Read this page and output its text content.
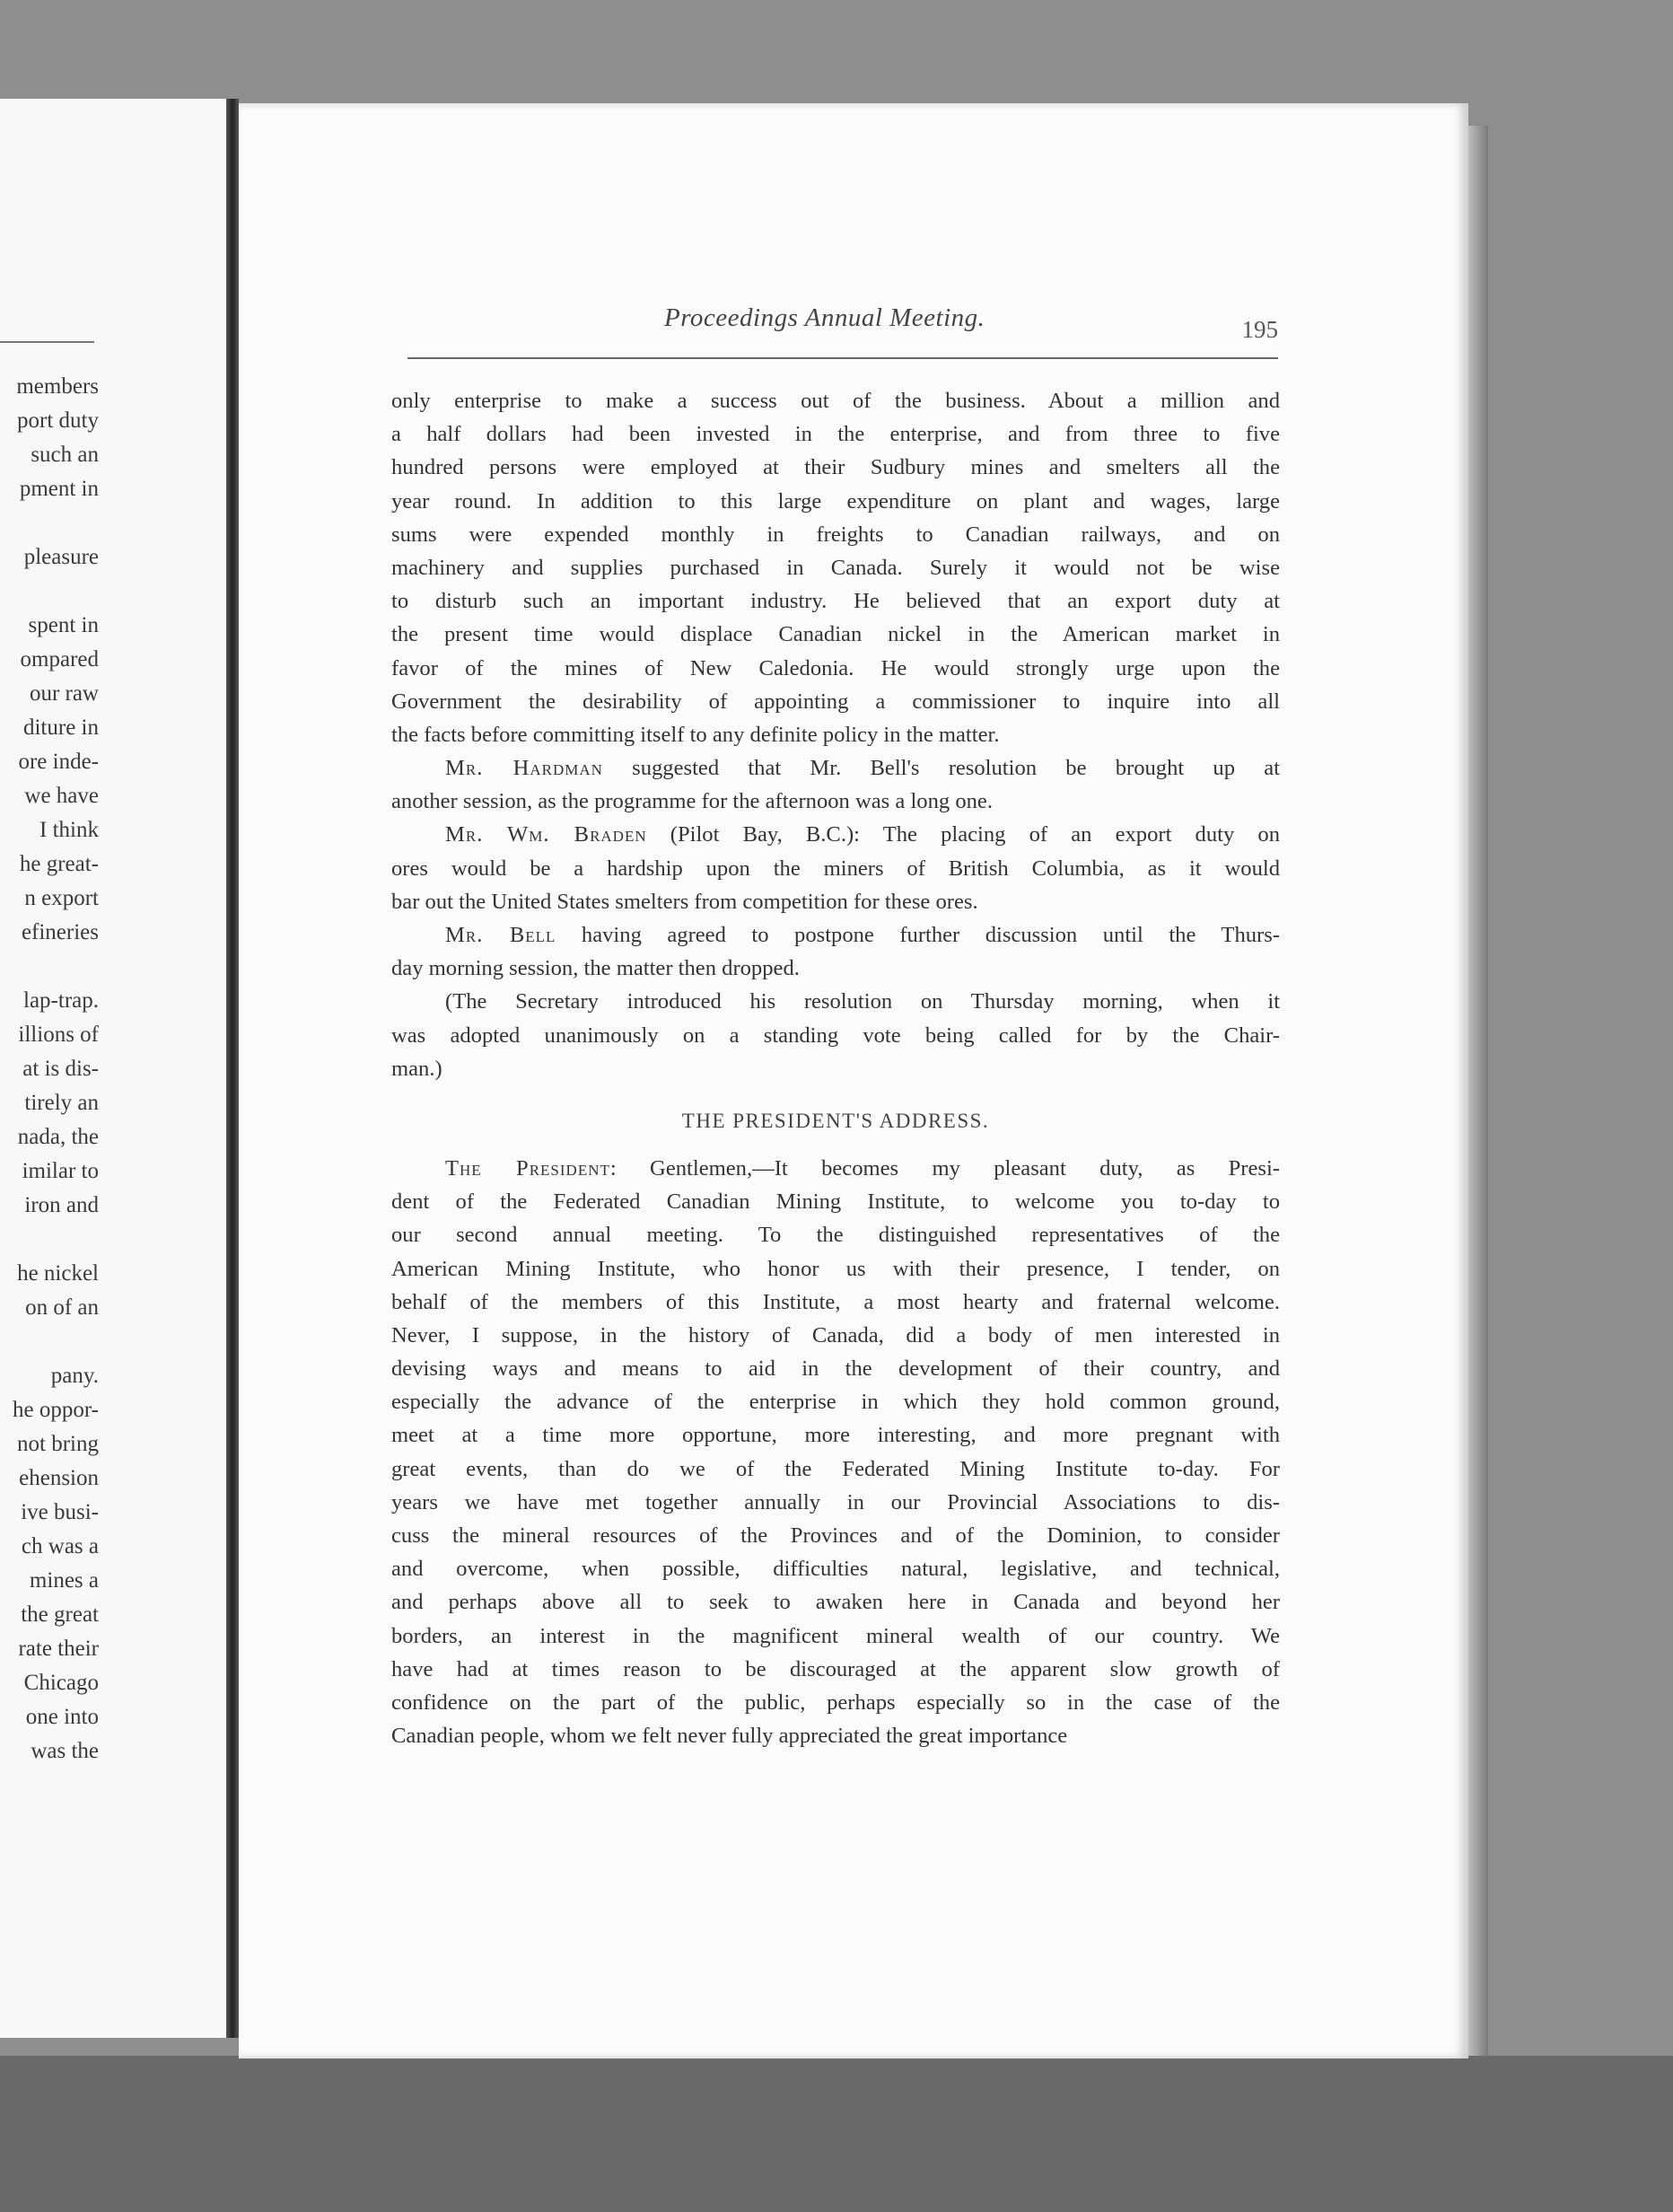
members
port duty
such an
pment in
pleasure
spent in
ompared
our raw
diture in
ore inde-
we have
I think
he great-
n export
efineries
lap-trap.
illions of
at is dis-
tirely an
nada, the
imilar to
iron and
he nickel
on of an
pany.
he oppor-
not bring
ehension
ive busi-
ch was a
mines a
the great
rate their
Chicago
one into
was the
Proceedings Annual Meeting.	195
only enterprise to make a success out of the business. About a million and
a half dollars had been invested in the enterprise, and from three to five
hundred persons were employed at their Sudbury mines and smelters all the
year round. In addition to this large expenditure on plant and wages, large
sums were expended monthly in freights to Canadian railways, and on
machinery and supplies purchased in Canada. Surely it would not be wise
to disturb such an important industry. He believed that an export duty at
the present time would displace Canadian nickel in the American market in
favor of the mines of New Caledonia. He would strongly urge upon the
Government the desirability of appointing a commissioner to inquire into all
the facts before committing itself to any definite policy in the matter.
Mr. Hardman suggested that Mr. Bell's resolution be brought up at
another session, as the programme for the afternoon was a long one.
Mr. Wm. Braden (Pilot Bay, B.C.): The placing of an export duty on
ores would be a hardship upon the miners of British Columbia, as it would
bar out the United States smelters from competition for these ores.
Mr. Bell having agreed to postpone further discussion until the Thurs-
day morning session, the matter then dropped.
(The Secretary introduced his resolution on Thursday morning, when it
was adopted unanimously on a standing vote being called for by the Chair-
man.)
THE PRESIDENT'S ADDRESS.
The President: Gentlemen,—It becomes my pleasant duty, as Presi-
dent of the Federated Canadian Mining Institute, to welcome you to-day to
our second annual meeting. To the distinguished representatives of the
American Mining Institute, who honor us with their presence, I tender, on
behalf of the members of this Institute, a most hearty and fraternal welcome.
Never, I suppose, in the history of Canada, did a body of men interested in
devising ways and means to aid in the development of their country, and
especially the advance of the enterprise in which they hold common ground,
meet at a time more opportune, more interesting, and more pregnant with
great events, than do we of the Federated Mining Institute to-day. For
years we have met together annually in our Provincial Associations to dis-
cuss the mineral resources of the Provinces and of the Dominion, to consider
and overcome, when possible, difficulties natural, legislative, and technical,
and perhaps above all to seek to awaken here in Canada and beyond her
borders, an interest in the magnificent mineral wealth of our country. We
have had at times reason to be discouraged at the apparent slow growth of
confidence on the part of the public, perhaps especially so in the case of the
Canadian people, whom we felt never fully appreciated the great importance
